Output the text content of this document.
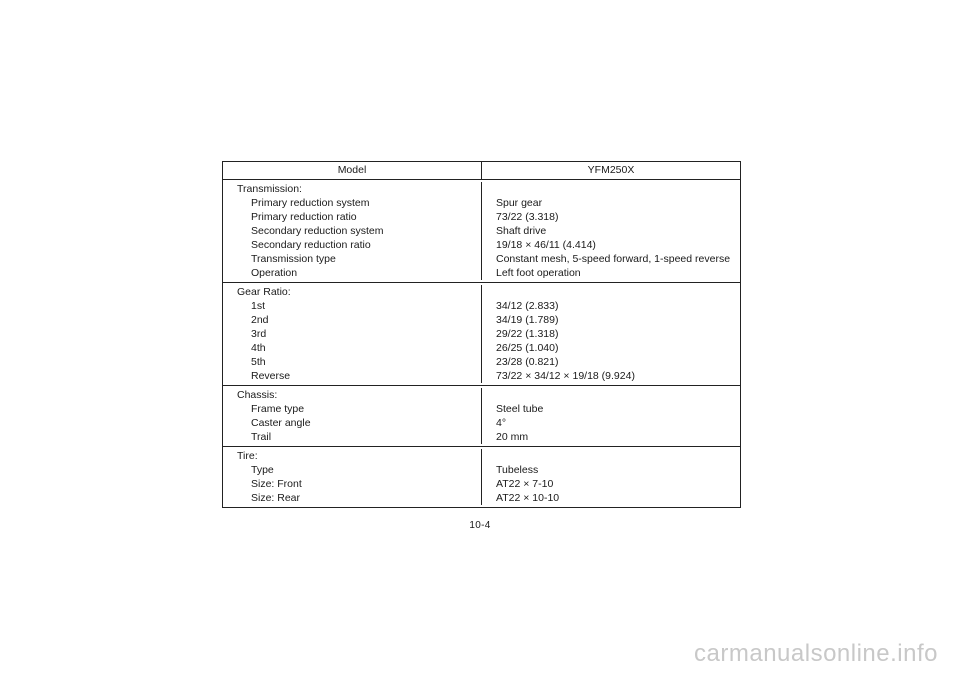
Model	YFM250X
Transmission:
Primary reduction system
Primary reduction ratio
Secondary reduction system
Secondary reduction ratio
Transmission type
Operation
Spur gear
73/22 (3.318)
Shaft drive
19/18 × 46/11 (4.414)
Constant mesh, 5-speed forward, 1-speed reverse
Left foot operation
Gear Ratio:
1st
2nd
3rd
4th
5th
Reverse
34/12 (2.833)
34/19 (1.789)
29/22 (1.318)
26/25 (1.040)
23/28 (0.821)
73/22 × 34/12 × 19/18 (9.924)
Chassis:
Frame type
Caster angle
Trail
Steel tube
4°
20 mm
Tire:
Type
Size: Front
Size: Rear
Tubeless
AT22 × 7-10
AT22 × 10-10
10-4
carmanualsonline.info
